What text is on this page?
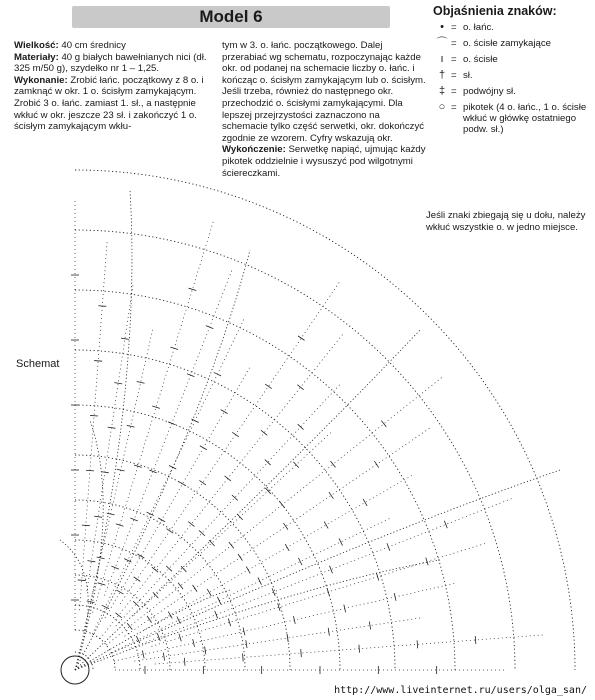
Model 6

Wielkość: 40 cm średnicy

Materiały: 40 g białych bawełnianych nici (dł. 325 m/50 g), szydełko nr 1 – 1,25.

Wykonanie: Zrobić łańc. początkowy z 8 o. i zamknąć w okr. 1 o. ścisłym zamykającym. Zrobić 3 o. łańc. zamiast 1. sł., a następnie wkłuć w okr. jeszcze 23 sł. i zakończyć 1 o. ścisłym zamykającym wkłu-

tym w 3. o. łańc. początkowego. Dalej przerabiać wg schematu, rozpoczynając każde okr. od podanej na schemacie liczby o. łańc. i kończąc o. ścisłym zamykającym lub o. ścisłym. Jeśli trzeba, również do następnego okr. przechodzić o. ścisłymi zamykającymi. Dla lepszej przejrzystości zaznaczono na schemacie tylko część serwetki, okr. dokończyć zgodnie ze wzorem. Cyfry wskazują okr.

Wykończenie: Serwetkę napiąć, ujmując każdy pikotek oddzielnie i wysuszyć pod wilgotnymi ściereczkami.

Objaśnienia znaków:
• = o. łańc.
⌒ = o. ścisłe zamykające
ı = o. ścisłe
† = sł.
‡ = podwójny sł.
○ = pikotek (4 o. łańc., 1 o. ścisłe wkłuć w główkę ostatniego podw. sł.)
Jeśli znaki zbiegają się u dołu, należy wkłuć wszystkie o. w jedno miejsce.
Schemat
http://www.liveinternet.ru/users/olga_san/
